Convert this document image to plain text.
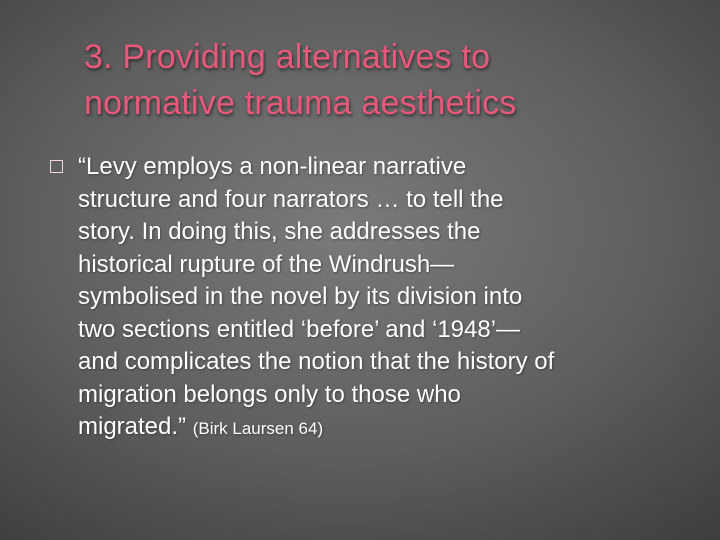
3. Providing alternatives to
normative trauma aesthetics

“Levy employs a non-linear narrative
structure and four narrators … to tell the
story. In doing this, she addresses the
historical rupture of the Windrush—
symbolised in the novel by its division into
two sections entitled ‘before’ and ‘1948’—
and complicates the notion that the history of
migration belongs only to those who
migrated.” (Birk Laursen 64)
